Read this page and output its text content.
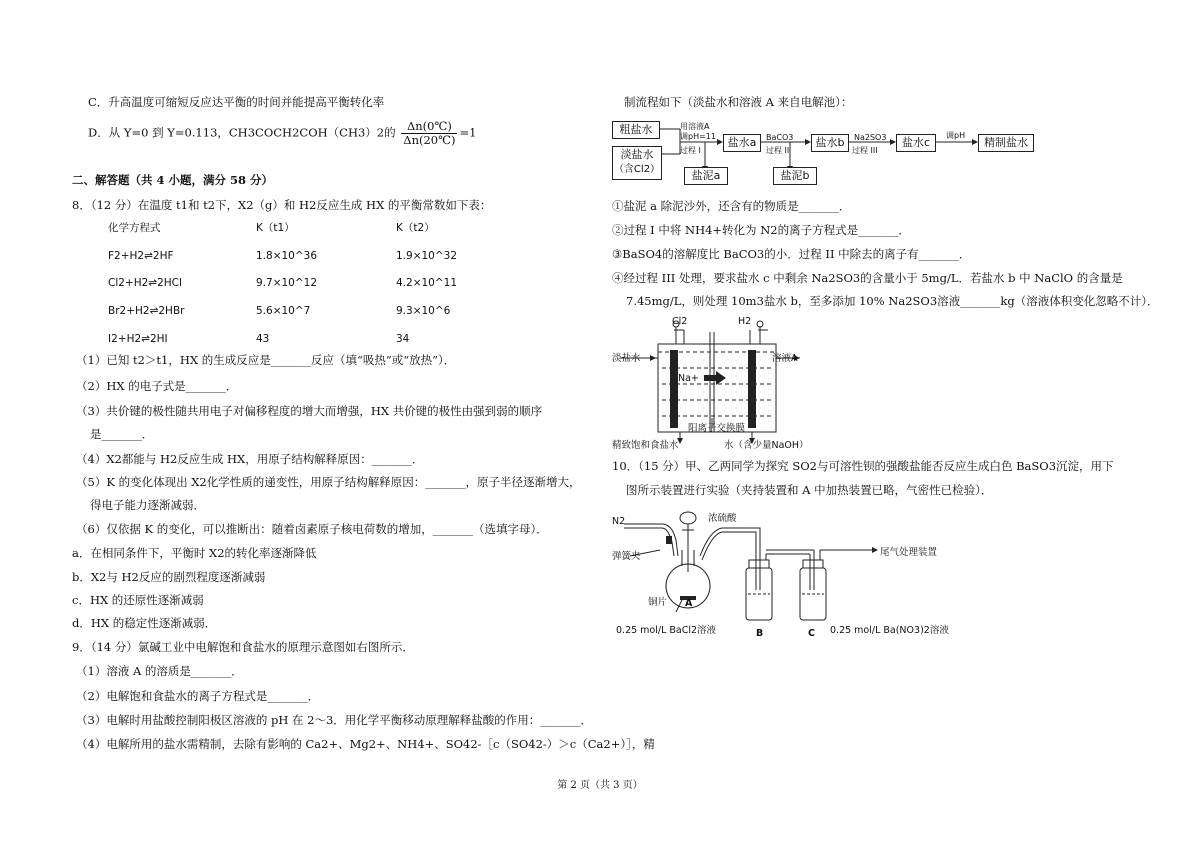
C．升高温度可缩短反应达平衡的时间并能提高平衡转化率
D．从 Y=0 到 Y=0.113，CH3COCH2COH（CH3）2的 $\frac{\Delta n(0℃)}{\Delta n(20℃)} =1$
二、解答题（共 4 小题，满分 58 分）
8．（12 分）在温度 t1和 t2下，X2（g）和 H2反应生成 HX 的平衡常数如下表：
化学方程式	K（t1）	K（t2）
F2+H2⇌2HF	1.8×10^36	1.9×10^32
Cl2+H2⇌2HCl	9.7×10^12	4.2×10^11
Br2+H2⇌2HBr	5.6×10^7	9.3×10^6
I2+H2⇌2HI	43	34
（1）已知 t2＞t1，HX 的生成反应是_______反应（填“吸热”或“放热”）．
（2）HX 的电子式是_______．
（3）共价键的极性随共用电子对偏移程度的增大而增强，HX 共价键的极性由强到弱的顺序
是_______．
（4）X2都能与 H2反应生成 HX，用原子结构解释原因：_______．
（5）K 的变化体现出 X2化学性质的递变性，用原子结构解释原因：_______，原子半径逐渐增大，
得电子能力逐渐减弱．
（6）仅依据 K 的变化，可以推断出：随着卤素原子核电荷数的增加，_______（选填字母）．
a．在相同条件下，平衡时 X2的转化率逐渐降低
b．X2与 H2反应的剧烈程度逐渐减弱
c．HX 的还原性逐渐减弱
d．HX 的稳定性逐渐减弱．
9．（14 分）氯碱工业中电解饱和食盐水的原理示意图如右图所示．
（1）溶液 A 的溶质是_______．
（2）电解饱和食盐水的离子方程式是_______．
（3）电解时用盐酸控制阳极区溶液的 pH 在 2～3．用化学平衡移动原理解释盐酸的作用：_______．
（4）电解所用的盐水需精制，去除有影响的 Ca2+、Mg2+、NH4+、SO42-［c（SO42-）＞c（Ca2+）］，精
制流程如下（淡盐水和溶液 A 来自电解池）：
粗盐水
淡盐水
（含Cl2）
用溶液A
调pH=11
过程 I
盐水a	BaCO3
过程 II
盐水b	Na2SO3
过程 III
盐水c
调pH
精制盐水
盐泥a	盐泥b
①盐泥 a 除泥沙外，还含有的物质是_______．
②过程 I 中将 NH4+转化为 N2的离子方程式是_______．
③BaSO4的溶解度比 BaCO3的小．过程 II 中除去的离子有_______．
④经过程 III 处理，要求盐水 c 中剩余 Na2SO3的含量小于 5mg/L．若盐水 b 中 NaClO 的含量是
7.45mg/L，则处理 10m3盐水 b，至多添加 10% Na2SO3溶液_______kg（溶液体积变化忽略不计）．
Cl2	H2
淡盐水	溶液A
Na+
阳离子交换膜
精致饱和食盐水	水（含少量NaOH）
10．（15 分）甲、乙两同学为探究 SO2与可溶性钡的强酸盐能否反应生成白色 BaSO3沉淀，用下
图所示装置进行实验（夹持装置和 A 中加热装置已略，气密性已检验）．
N2	浓硫酸
弹簧夹	尾气处理装置
铜片 A
B	C
0.25 mol/L BaCl2溶液	0.25 mol/L Ba(NO3)2溶液
第 2 页（共 3 页）
